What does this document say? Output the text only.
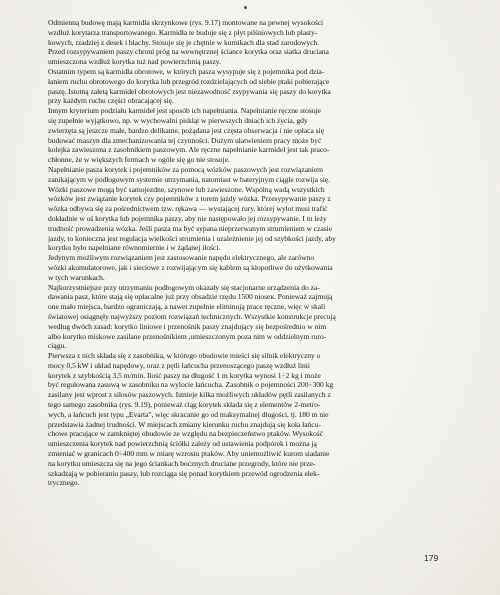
Odmienną budowę mają karmidła skrzynkowe (rys. 9.17) montowane na pewnej wysokości
wzdłuż korytarza transportowanego. Karmidła te buduje się z płyt pilśniowych lub plasty-
kowych, rzadziej z desek i blachy. Stosuje się je chętnie w kurnikach dla stad zarodowych.
Przed rozsypywaniem paszy chroni próg na wewnętrznej ściance korytka oraz siatka druciana
umieszczona wzdłuż korytka tuż nad powierzchnią paszy.
Ostatnim typem są karmidła obrotowe, w których pasza wysypuje się z pojemnika pod dzia-
łaniem ruchu obrotowego do korytka lub przegród rozdzielających od siebie ptaki pobierające
paszę. Istotną zaletą karmideł obrotowych jest niezawodność zsypywania się paszy do korytka
przy każdym ruchu części obracającej się.
Innym kryterium podziału karmideł jest sposób ich napełniania. Napełnianie ręczne stosuje
się zupełnie wyjątkowo, np. w wychowalni piskląt w pierwszych dniach ich życia, gdy
zwierzęta są jeszcze małe, bardzo delikatne, pożądana jest częsta obserwacja i nie opłaca się
budować maszyn dla zmechanizowania tej czynności. Dużym ułatwieniem pracy może być
kolejka zawieszona z zasobnikiem paszowym. Ale ręczne napełnianie karmideł jest tak praco-
chłonne, że w większych fermach w ogóle się go nie stosuje.
Napełnianie pasza korytek i pojemników za pomocą wózków paszowych jest rozwiązaniem
zanikającym w podłogowym systemie utrzymania, natomiast w bateryjnym ciągle rozwija się.
Wózki paszowe mogą być samojezdne, szynowe lub zawieszone. Wspólną wadą wszystkich
wózków jest związanie korytek czy pojemników z torem jazdy wózka. Przesypywanie paszy z
wózka odbywa się za pośrednictwem tzw. rękawa — wystającej rury, której wylot musi trafić
dokładnie w oś korytka lub pojemnika paszy, aby nie następowało jej rozsypywanie. I tu leży
trudność prowadzenia wózka. Jeśli pasza ma być sypana nieprzerwanym strumieniem w czasie
jazdy, to konieczna jest regulacja wielkości strumienia i uzależnienie jej od szybkości jazdy, aby
korytko było napełniane równomiernie i w żądanej ilości.
Jedynym możliwym rozwiązaniem jest zastosowanie napędu elektrycznego, ale zarówno
wózki akumulatorowe, jak i sieciowe z rozwijającym się kablem są kłopotliwe do użytkowania
w tych warunkach.
Najkorzystniejsze przy utrzymaniu podłogowym okazały się stacjonarne urządzenia do za-
dawania pasz, które stają się opłacalne już przy obsadzie rzędu 1500 nioseк. Ponieważ zajmują
one mało miejsca, bardzo ograniczają, a nawet zupełnie eliminują prace ręczne, więc w skali
światowej osiągnęły najwyższy poziom rozwiązań technicznych. Wszystkie konstrukcje precują
według dwóch zasad: korytko liniowe i przenośnik paszy znajdujący się bezpośrednio w nim
albo korytko miskowe zasilane przenośnikiem ,umieszczonym poza nim w oddzielnym ruro-
ciągu.
Pierwsza z nich składa się z zasobnika, w którego obudowie mieści się silnik elektryczny o
mocy 0,5 kW i układ napędowy, oraz z pętli łańcucha przenoszącego paszę wzdłuż linii
korytek z szybkością 3,5 m/min. Ilość paszy na długość 1 m korytka wynosi 1÷2 kg i może
być regulowana zasuwą w zasobniku na wylocie łańcucha. Zasobnik o pojemności 200÷300 kg
zasilany jest wprost z silosów paszowych. Istnieje kilka możliwych układów pętli zasilanych z
tego samego zasobnika (rys. 9.19), ponieważ ciąg korytek składa się z elementów 2-metro-
wych, a łańcuch jest typu „Evarta", więc skracanie go od maksymalnej długości, tj. 180 m nie
przedstawia żadnej trudności. W miejscach zmiany kierunku ruchu znajdują się koła łańcu-
chowe pracujące w zamkniętej obudowie ze względu na bezpieczeństwo ptaków. Wysokość
umieszczenia korytek nad powierzchnią ściółki zależy od ustawienia podpórek i można ją
zmieniać w granicach 0÷400 mm w miarę wzrostu ptaków. Aby uniemożliwić kurom siadanie
na korytku umieszcza się na jego ściankach bocznych druciane przegrody, które nie prze-
szkadzają w pobieraniu paszy, lub rozciąga się ponad korytkiem przewód ogrodzenia elek-
trycznego.
179
